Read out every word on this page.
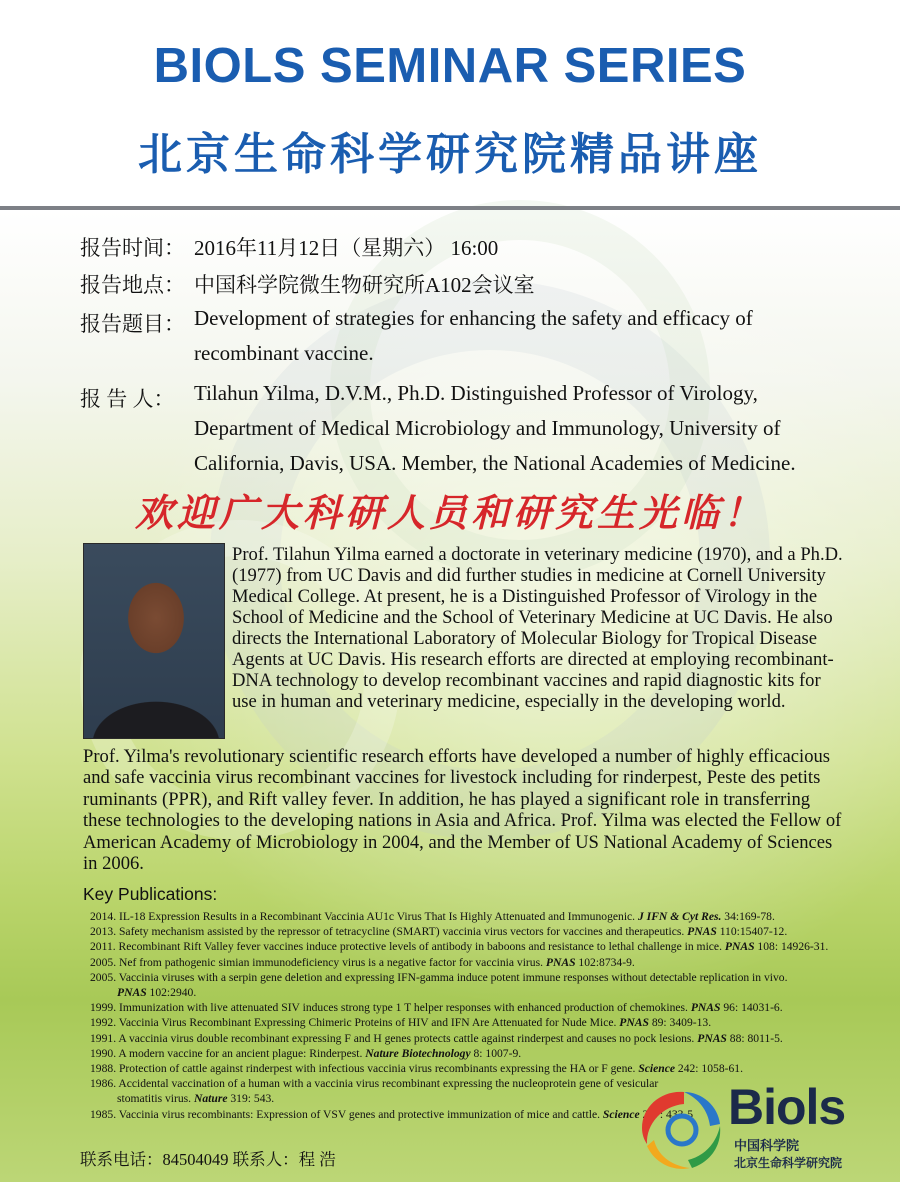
BIOLS SEMINAR SERIES
北京生命科学研究院精品讲座
报告时间： 2016年11月12日（星期六） 16:00
报告地点： 中国科学院微生物研究所A102会议室
报告题目： Development of strategies for enhancing the safety and efficacy of recombinant vaccine.
报 告 人： Tilahun Yilma, D.V.M., Ph.D. Distinguished Professor of Virology, Department of Medical Microbiology and Immunology, University of California, Davis, USA. Member, the National Academies of Medicine.
欢迎广大科研人员和研究生光临！
Prof. Tilahun Yilma earned a doctorate in veterinary medicine (1970), and a Ph.D. (1977) from UC Davis and did further studies in medicine at Cornell University Medical College. At present, he is a Distinguished Professor of Virology in the School of Medicine and the School of Veterinary Medicine at UC Davis. He also directs the International Laboratory of Molecular Biology for Tropical Disease Agents at UC Davis. His research efforts are directed at employing recombinant-DNA technology to develop recombinant vaccines and rapid diagnostic kits for use in human and veterinary medicine, especially in the developing world.
Prof. Yilma's revolutionary scientific research efforts have developed a number of highly efficacious and safe vaccinia virus recombinant vaccines for livestock including for rinderpest, Peste des petits ruminants (PPR), and Rift valley fever. In addition, he has played a significant role in transferring these technologies to the developing nations in Asia and Africa. Prof. Yilma was elected the Fellow of American Academy of Microbiology in 2004, and the Member of US National Academy of Sciences in 2006.
Key Publications:
2014. IL-18 Expression Results in a Recombinant Vaccinia AU1c Virus That Is Highly Attenuated and Immunogenic. J IFN & Cyt Res. 34:169-78.
2013. Safety mechanism assisted by the repressor of tetracycline (SMART) vaccinia virus vectors for vaccines and therapeutics. PNAS 110:15407-12.
2011. Recombinant Rift Valley fever vaccines induce protective levels of antibody in baboons and resistance to lethal challenge in mice. PNAS 108: 14926-31.
2005. Nef from pathogenic simian immunodeficiency virus is a negative factor for vaccinia virus. PNAS 102:8734-9.
2005. Vaccinia viruses with a serpin gene deletion and expressing IFN-gamma induce potent immune responses without detectable replication in vivo.
PNAS 102:2940.
1999. Immunization with live attenuated SIV induces strong type 1 T helper responses with enhanced production of chemokines. PNAS 96: 14031-6.
1992. Vaccinia Virus Recombinant Expressing Chimeric Proteins of HIV and IFN Are Attenuated for Nude Mice. PNAS 89: 3409-13.
1991. A vaccinia virus double recombinant expressing F and H genes protects cattle against rinderpest and causes no pock lesions. PNAS 88: 8011-5.
1990. A modern vaccine for an ancient plague: Rinderpest. Nature Biotechnology 8: 1007-9.
1988. Protection of cattle against rinderpest with infectious vaccinia virus recombinants expressing the HA or F gene. Science 242: 1058-61.
1986. Accidental vaccination of a human with a vaccinia virus recombinant expressing the nucleoprotein gene of vesicular
stomatitis virus. Nature 319: 543.
1985. Vaccinia virus recombinants: Expression of VSV genes and protective immunization of mice and cattle. Science 227: 433-5
联系电话：84504049 联系人：程 浩
Biols
中国科学院
北京生命科学研究院
